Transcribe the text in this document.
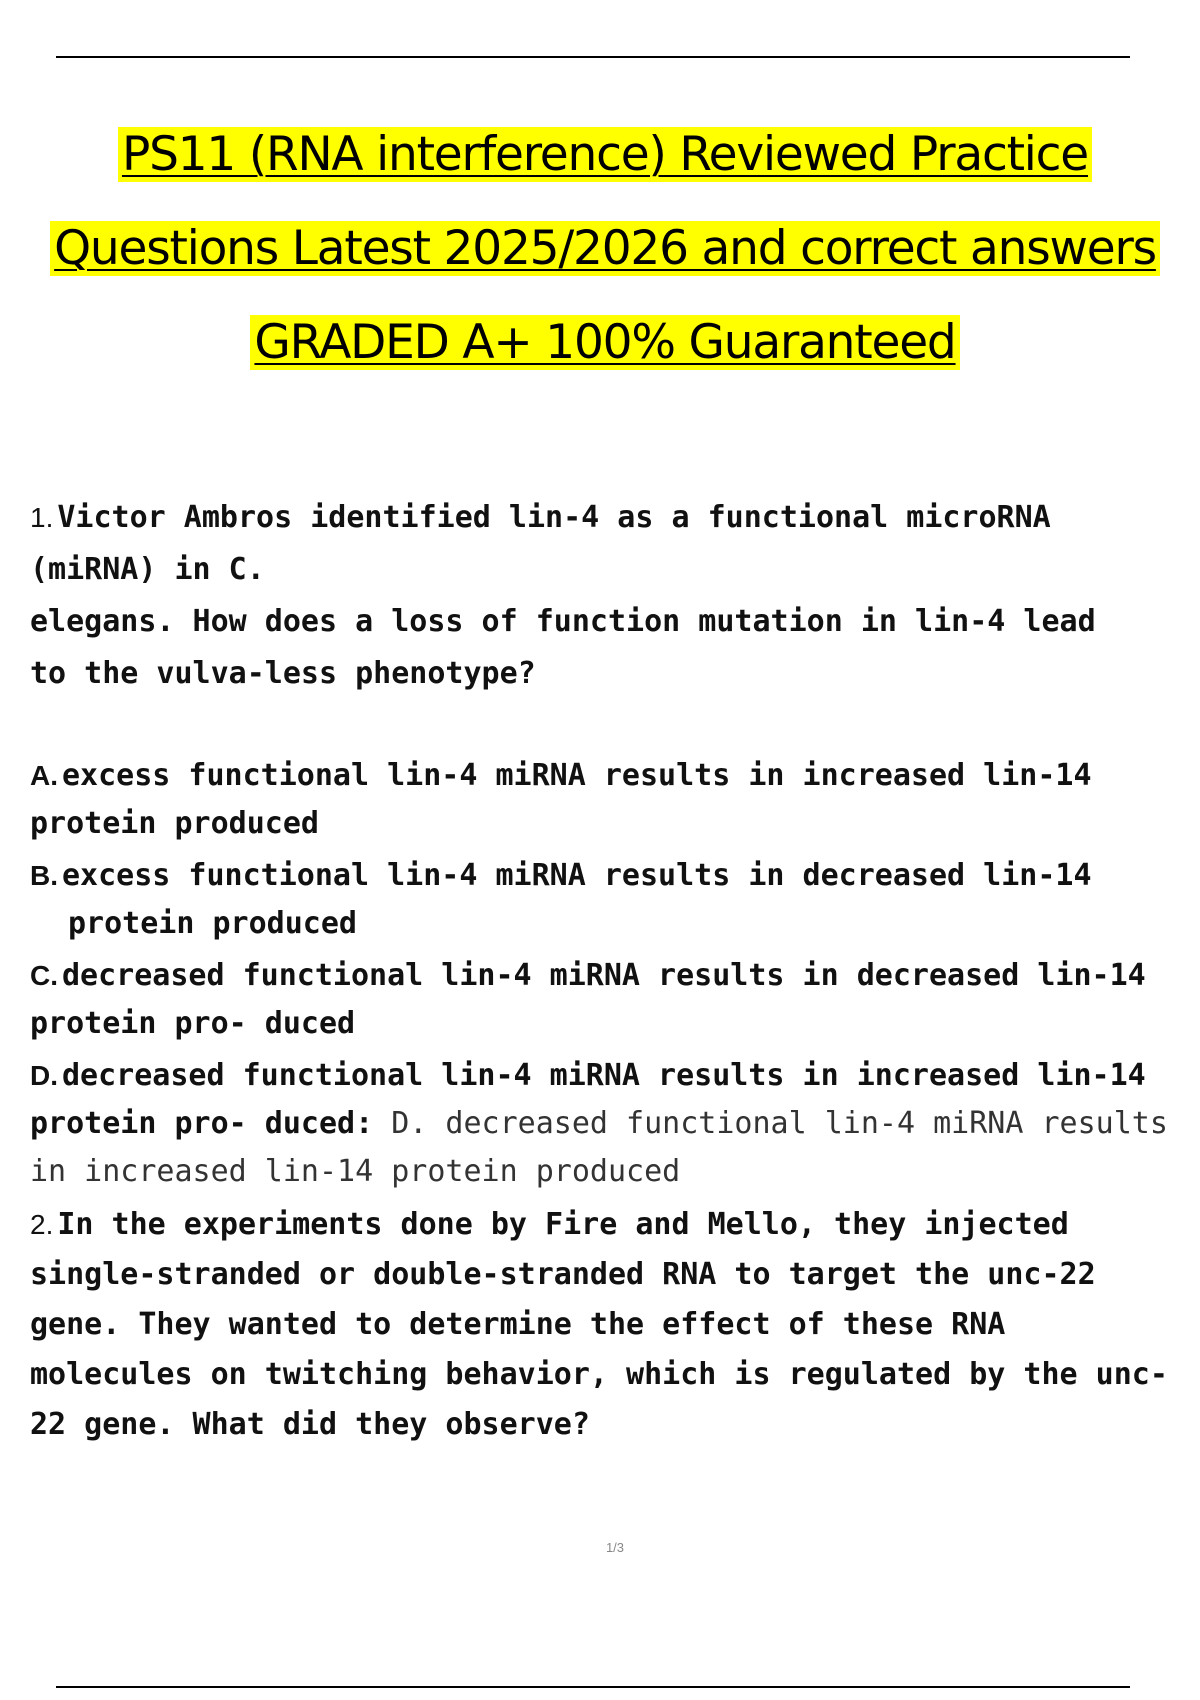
PS11 (RNA interference) Reviewed Practice
Questions Latest 2025/2026 and correct answers
GRADED A+ 100% Guaranteed
1. Victor Ambros identified lin-4 as a functional microRNA
(miRNA) in C.
elegans. How does a loss of function mutation in lin-4 lead
to the vulva-less phenotype?
A. excess functional lin-4 miRNA results in increased lin-14 protein produced
B. excess functional lin-4 miRNA results in decreased lin-14 protein produced
C. decreased functional lin-4 miRNA results in decreased lin-14 protein pro- duced
D. decreased functional lin-4 miRNA results in increased lin-14 protein pro- duced: D. decreased functional lin-4 miRNA results in increased lin-14 protein produced
2. In the experiments done by Fire and Mello, they injected single-stranded or double-stranded RNA to target the unc-22 gene. They wanted to determine the effect of these RNA molecules on twitching behavior, which is regulated by the unc-22 gene. What did they observe?
1/3
